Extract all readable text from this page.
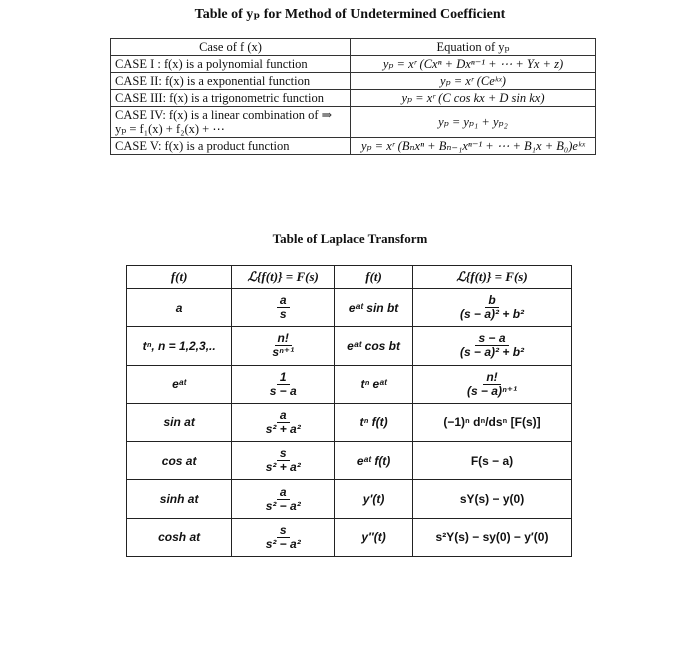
Table of yₚ for Method of Undetermined Coefficient
Case of f (x)	Equation of yₚ
CASE I : f(x) is a polynomial function	yₚ = xʳ (Cxⁿ + Dxⁿ⁻¹ + ⋯ + Yx + z)
CASE II: f(x) is a exponential function	yₚ = xʳ (Ceᵏˣ)
CASE III: f(x) is a trigonometric function	yₚ = xʳ (C cos kx + D sin kx)
CASE IV: f(x) is a linear combination of ⇒ yₚ = f₁(x) + f₂(x) + ⋯	yₚ = yₚ₁ + yₚ₂
CASE V: f(x) is a product function	yₚ = xʳ (Bₙxⁿ + Bₙ₋₁xⁿ⁻¹ + ⋯ + B₁x + B₀)eᵏˣ
Table of Laplace Transform
f(t)	ℒ{f(t)} = F(s)	f(t)	ℒ{f(t)} = F(s)
a	$\frac{a}{s}$	eᵃᵗ sin bt	$\frac{b}{\text{(s − a)² + b²}}$

tⁿ, n = 1,2,3,..	$\frac{n!}{\text{sⁿ⁺¹}}$	eᵃᵗ cos bt	$\frac{s - a}{\text{(s − a)² + b²}}$

eᵃᵗ	$\frac{1}{s - a}$	tⁿ eᵃᵗ	$\frac{n!}{\text{(s − a)ⁿ⁺¹}}$

sin at	$\frac{a}{\text{s² + a²}}$	tⁿ f(t)	(−1)ⁿ dⁿ/dsⁿ [F(s)]
cos at	$\frac{s}{\text{s² + a²}}$	eᵃᵗ f(t)	F(s − a)
sinh at	$\frac{a}{\text{s² − a²}}$	y′(t)	sY(s) − y(0)
cosh at	$\frac{s}{\text{s² − a²}}$	y″(t)	s²Y(s) − sy(0) − y′(0)
